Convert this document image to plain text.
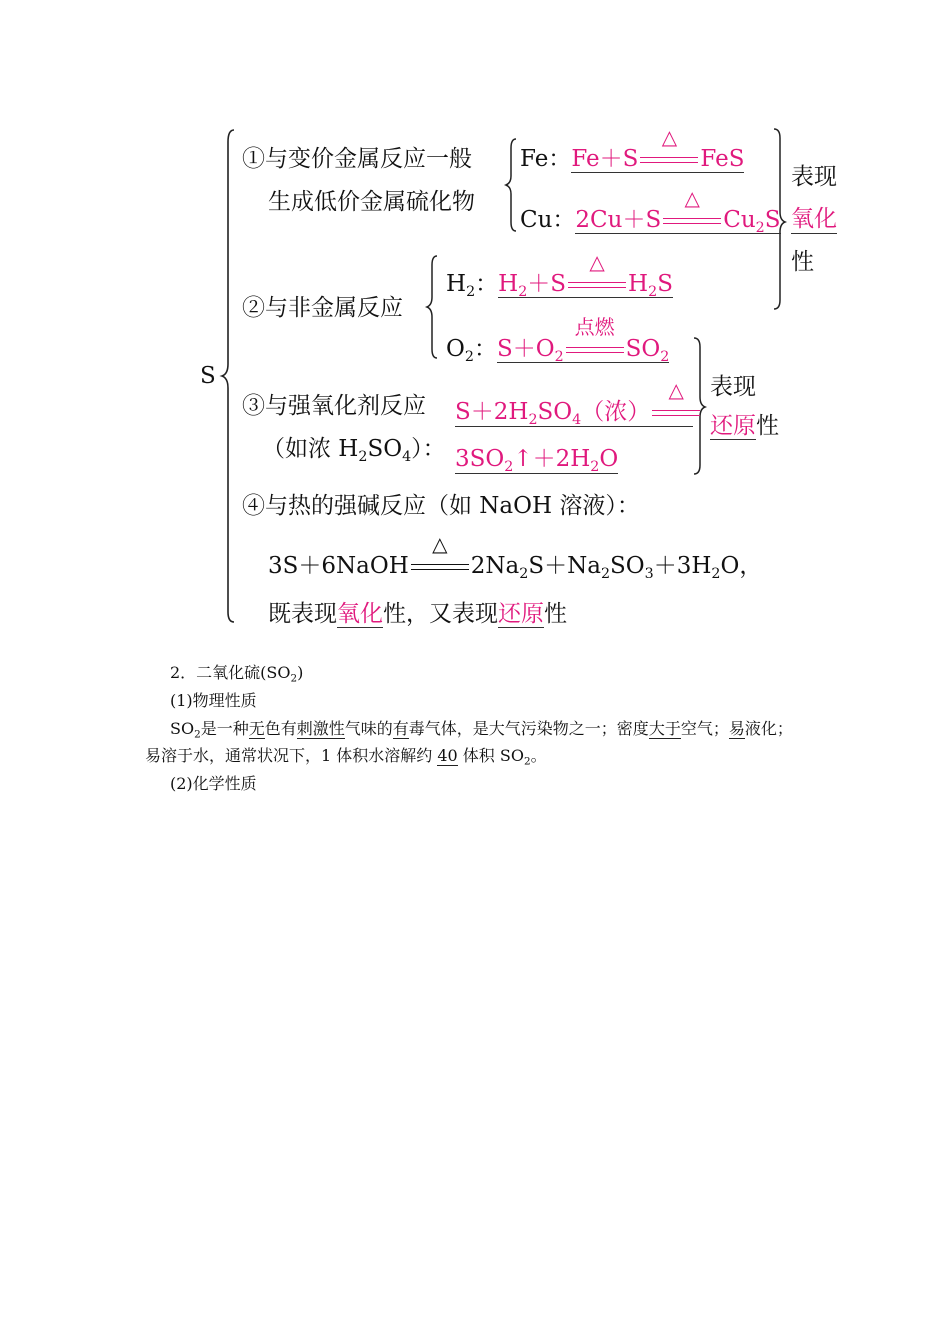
S
①与变价金属反应一般
生成低价金属硫化物
Fe：Fe＋S
△
FeS
Cu：2Cu＋S
△
$Cu_2S$
表现
氧化
性
②与非金属反应
$H_2$：$H_2+S$
△
$H_2S$
$O_2$：$S+O_2$
点燃
$SO_2$
③与强氧化剂反应
（如浓 $H_2SO_4$）：
$S+2H_2SO_4$（浓）
△
$3SO_2↑+2H_2O$
表现
还原性
④与热的强碱反应（如 NaOH 溶液）：
3S＋6NaOH
△
$2Na_2S+Na_2SO_3+3H_2O$，
既表现氧化性，又表现还原性
2．二氧化硫$(SO_2)$
(1)物理性质
$SO_2$是一种无色有刺激性气味的有毒气体，是大气污染物之一；密度大于空气；易液化；
易溶于水，通常状况下，1 体积水溶解约 40 体积 $SO_2$。
(2)化学性质
